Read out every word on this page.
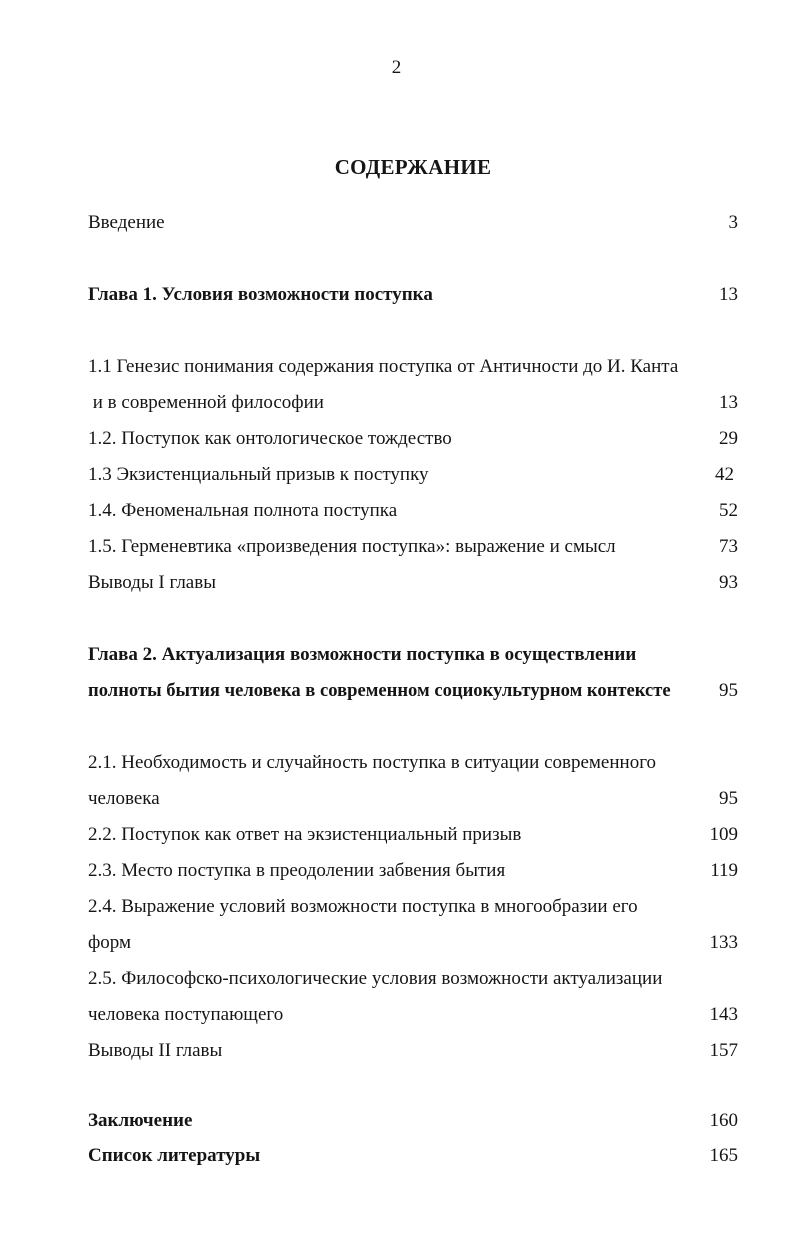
2
СОДЕРЖАНИЕ
Введение	3
Глава 1. Условия возможности поступка	13
1.1 Генезис понимания содержания поступка от Античности до И. Канта
и в современной философии	13
1.2. Поступок как онтологическое тождество	29
1.3 Экзистенциальный призыв к поступку	42
1.4. Феноменальная полнота поступка	52
1.5. Герменевтика «произведения поступка»: выражение и смысл	73
Выводы I главы	93
Глава 2. Актуализация возможности поступка в осуществлении
полноты бытия человека в современном социокультурном контексте	95
2.1. Необходимость и случайность поступка в ситуации современного
человека	95
2.2. Поступок как ответ на экзистенциальный призыв	109
2.3. Место поступка в преодолении забвения бытия	119
2.4. Выражение условий возможности поступка в многообразии его
форм	133
2.5. Философско-психологические условия возможности актуализации
человека поступающего	143
Выводы II главы	157
Заключение	160
Список литературы	165
